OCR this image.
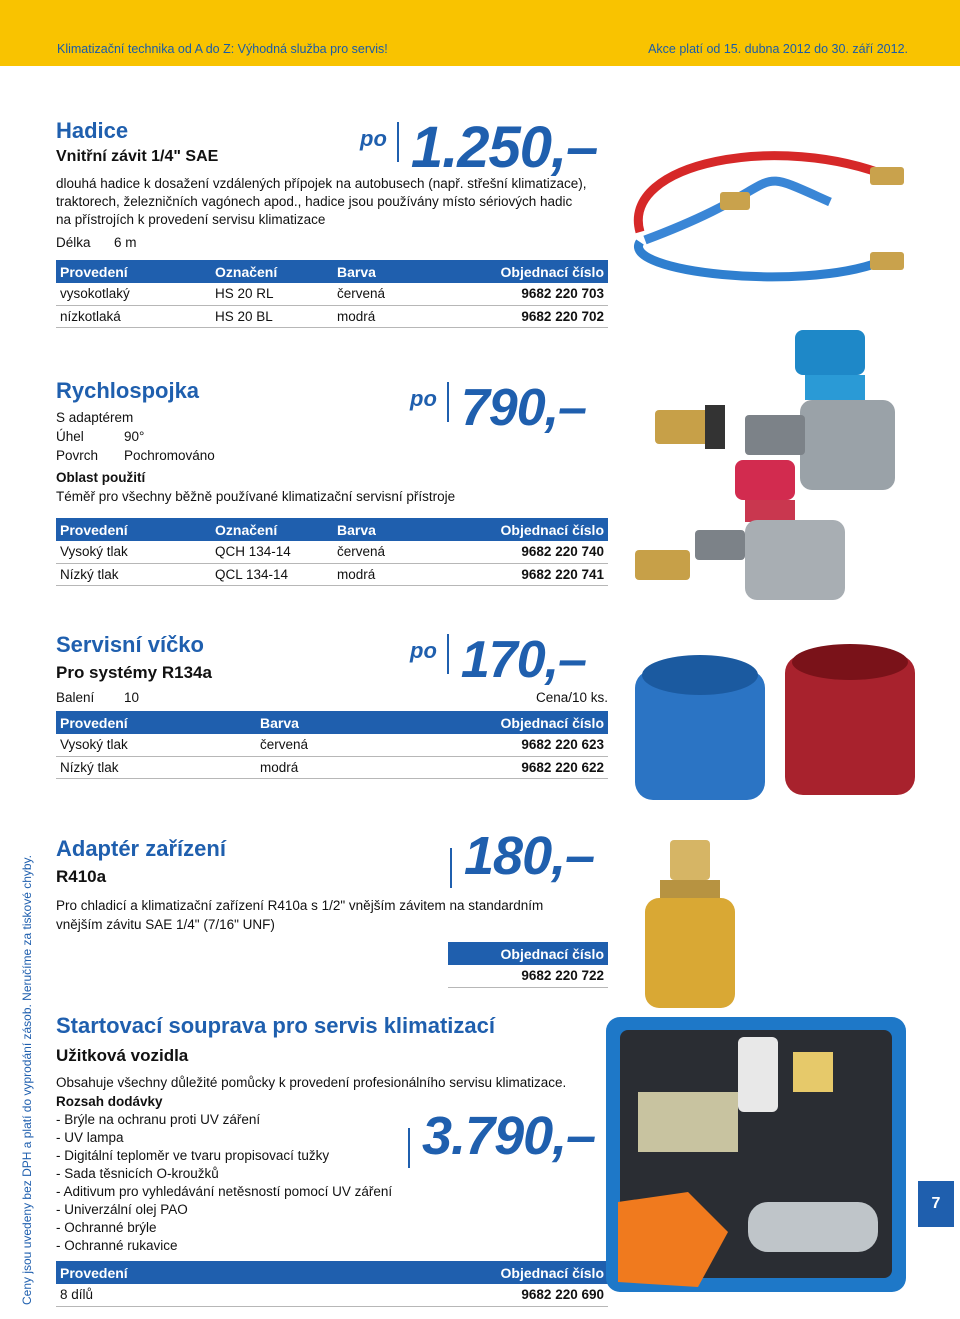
Klimatizační technika od A do Z: Výhodná služba pro servis!	Akce platí od 15. dubna 2012 do 30. září 2012.
Hadice
Vnitřní závit 1/4" SAE
dlouhá hadice k dosažení vzdálených přípojek na autobusech (např. střešní klimatizace),
traktorech, železničních vagónech apod., hadice jsou používány místo sériových hadic
na přístrojích k provedení servisu klimatizace
Délka	6 m
Provedení	Označení	Barva	Objednací číslo
vysokotlaký	HS 20 RL	červená	9682 220 703
nízkotlaká	HS 20 BL	modrá	9682 220 702
po 1.250,–
Rychlospojka
S adaptérem
Úhel	90°
Povrch	Pochromováno
Oblast použití
Téměř pro všechny běžně používané klimatizační servisní přístroje
Provedení	Označení	Barva	Objednací číslo
Vysoký tlak	QCH 134-14	červená	9682 220 740
Nízký tlak	QCL 134-14	modrá	9682 220 741
po 790,–
Servisní víčko
Pro systémy R134a
Balení	10	Cena/10 ks.
Provedení	Barva	Objednací číslo
Vysoký tlak	červená	9682 220 623
Nízký tlak	modrá	9682 220 622
po 170,–
Adaptér zařízení
R410a
Pro chladicí a klimatizační zařízení R410a s 1/2" vnějším závitem na standardním
vnějším závitu SAE 1/4" (7/16" UNF)
	Objednací číslo
	9682 220 722
180,–
Startovací souprava pro servis klimatizací
Užitková vozidla
Obsahuje všechny důležité pomůcky k provedení profesionálního servisu klimatizace.
Rozsah dodávky
- Brýle na ochranu proti UV záření
- UV lampa
- Digitální teploměr ve tvaru propisovací tužky
- Sada těsnicích O-kroužků
- Aditivum pro vyhledávání netěsností pomocí UV záření
- Univerzální olej PAO
- Ochranné brýle
- Ochranné rukavice
Provedení	Objednací číslo
8 dílů	9682 220 690
3.790,–
Ceny jsou uvedeny bez DPH a platí do vyprodání zásob. Neručíme za tiskové chyby.	7
